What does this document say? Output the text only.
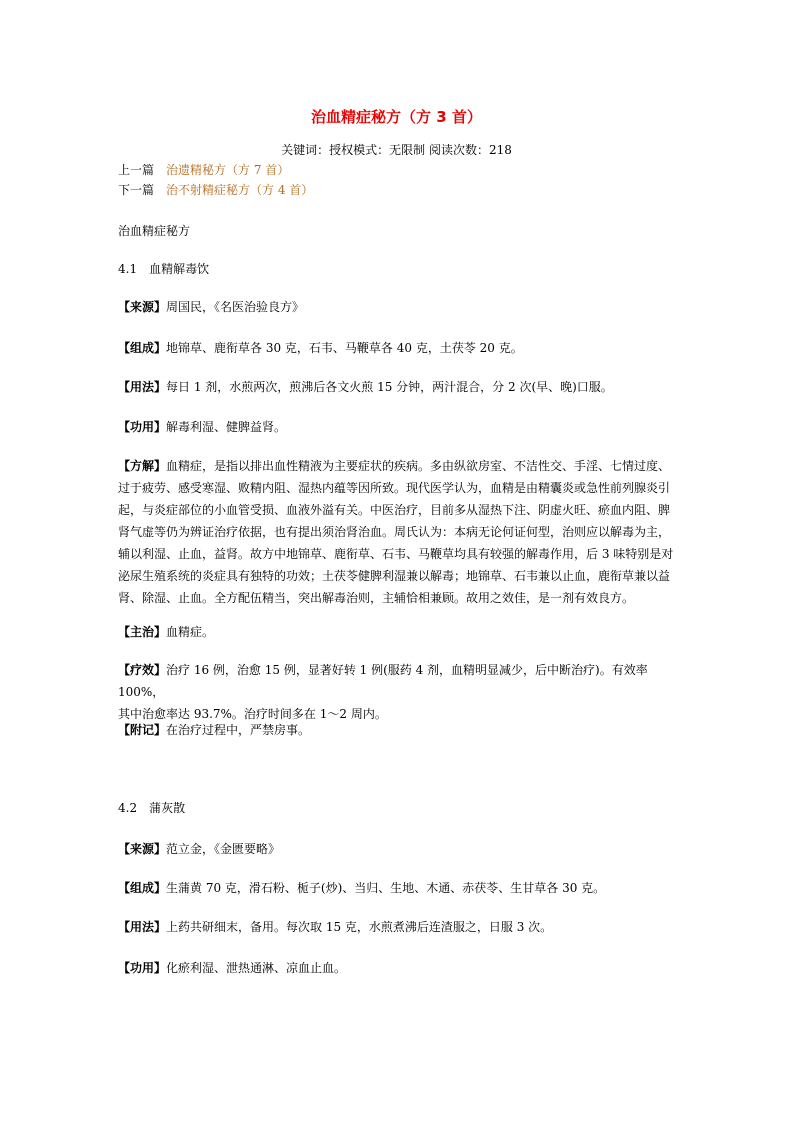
治血精症秘方（方 3 首）
关键词：授权模式：无限制 阅读次数：218
上一篇 治遗精秘方（方 7 首）
下一篇 治不射精症秘方（方 4 首）

治血精症秘方

4.1　血精解毒饮

【来源】周国民，《名医治验良方》

【组成】地锦草、鹿衔草各 30 克，石韦、马鞭草各 40 克，土茯苓 20 克。

【用法】每日 1 剂，水煎两次，煎沸后各文火煎 15 分钟，两汁混合，分 2 次(早、晚)口服。

【功用】解毒利湿、健脾益肾。

【方解】血精症，是指以排出血性精液为主要症状的疾病。多由纵欲房室、不洁性交、手淫、七情过度、
过于疲劳、感受寒湿、败精内阻、湿热内蕴等因所致。现代医学认为，血精是由精囊炎或急性前列腺炎引
起，与炎症部位的小血管受损、血液外溢有关。中医治疗，目前多从湿热下注、阴虚火旺、瘀血内阻、脾
肾气虚等仍为辨证治疗依据，也有提出须治肾治血。周氏认为：本病无论何证何型，治则应以解毒为主，
辅以利湿、止血，益肾。故方中地锦草、鹿衔草、石韦、马鞭草均具有较强的解毒作用，后 3 味特别是对
泌尿生殖系统的炎症具有独特的功效；土茯苓健脾利湿兼以解毒；地锦草、石韦兼以止血，鹿衔草兼以益
肾、除湿、止血。全方配伍精当，突出解毒治则，主辅恰相兼顾。故用之效佳，是一剂有效良方。

【主治】血精症。

【疗效】治疗 16 例，治愈 15 例，显著好转 1 例(服药 4 剂，血精明显减少，后中断治疗)。有效率 100%，
其中治愈率达 93.7%。治疗时间多在 1～2 周内。

【附记】在治疗过程中，严禁房事。

4.2　蒲灰散

【来源】范立金，《金匮要略》

【组成】生蒲黄 70 克，滑石粉、栀子(炒)、当归、生地、木通、赤茯苓、生甘草各 30 克。

【用法】上药共研细末，备用。每次取 15 克，水煎煮沸后连渣服之，日服 3 次。

【功用】化瘀利湿、泄热通淋、凉血止血。
